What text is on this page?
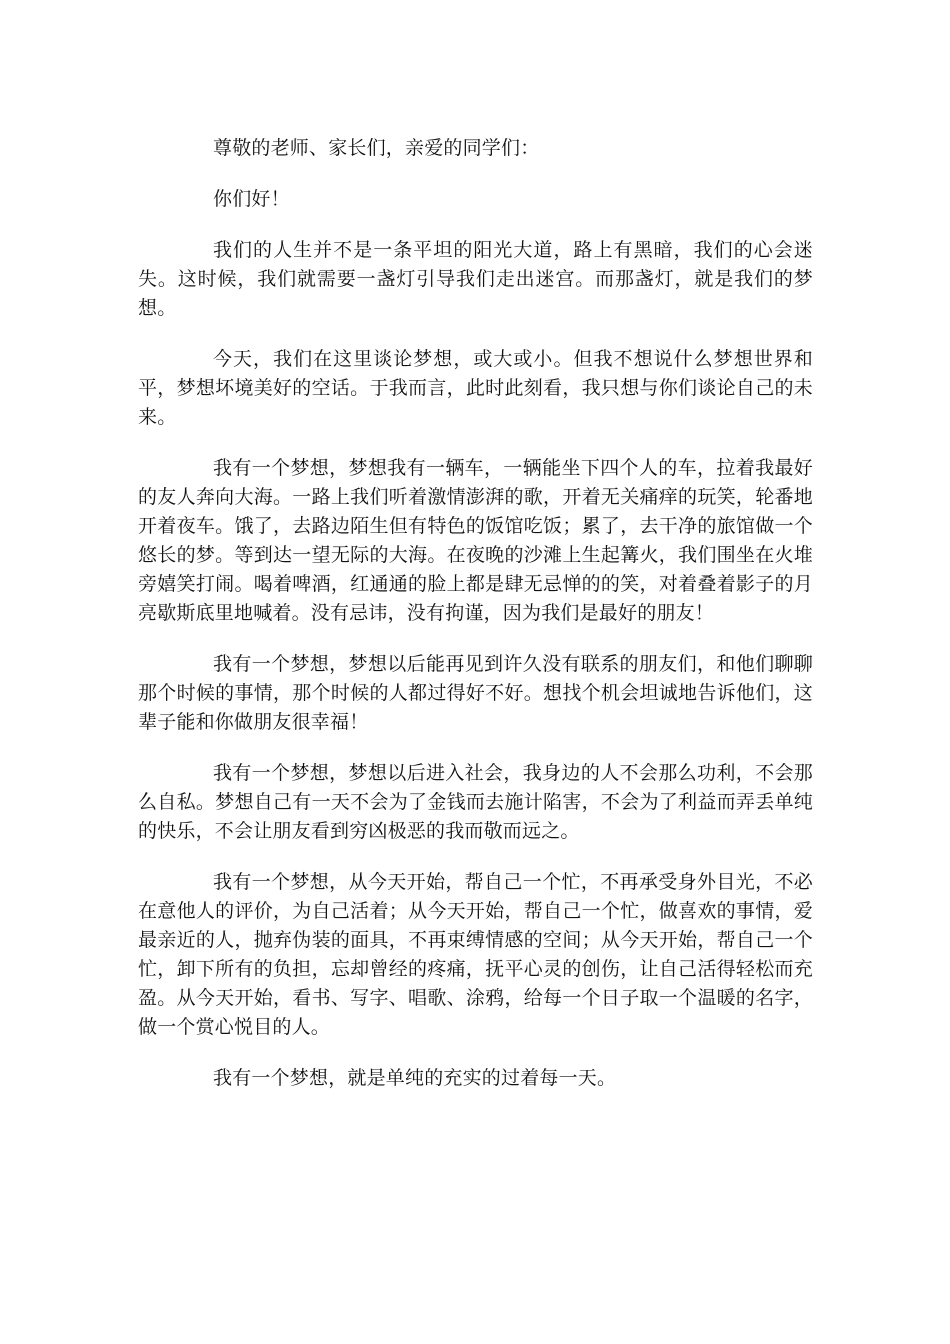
尊敬的老师、家长们，亲爱的同学们：

你们好！

我们的人生并不是一条平坦的阳光大道，路上有黑暗，我们的心会迷失。这时候，我们就需要一盏灯引导我们走出迷宫。而那盏灯，就是我们的梦想。

今天，我们在这里谈论梦想，或大或小。但我不想说什么梦想世界和平，梦想坏境美好的空话。于我而言，此时此刻看，我只想与你们谈论自己的未来。

我有一个梦想，梦想我有一辆车，一辆能坐下四个人的车，拉着我最好的友人奔向大海。一路上我们听着激情澎湃的歌，开着无关痛痒的玩笑，轮番地开着夜车。饿了，去路边陌生但有特色的饭馆吃饭；累了，去干净的旅馆做一个悠长的梦。等到达一望无际的大海。在夜晚的沙滩上生起篝火，我们围坐在火堆旁嬉笑打闹。喝着啤酒，红通通的脸上都是肆无忌惮的的笑，对着叠着影子的月亮歇斯底里地喊着。没有忌讳，没有拘谨，因为我们是最好的朋友！

我有一个梦想，梦想以后能再见到许久没有联系的朋友们，和他们聊聊那个时候的事情，那个时候的人都过得好不好。想找个机会坦诚地告诉他们，这辈子能和你做朋友很幸福！

我有一个梦想，梦想以后进入社会，我身边的人不会那么功利，不会那么自私。梦想自己有一天不会为了金钱而去施计陷害，不会为了利益而弄丢单纯的快乐，不会让朋友看到穷凶极恶的我而敬而远之。

我有一个梦想，从今天开始，帮自己一个忙，不再承受身外目光，不必在意他人的评价，为自己活着；从今天开始，帮自己一个忙，做喜欢的事情，爱最亲近的人，抛弃伪装的面具，不再束缚情感的空间；从今天开始，帮自己一个忙，卸下所有的负担，忘却曾经的疼痛，抚平心灵的创伤，让自己活得轻松而充盈。从今天开始，看书、写字、唱歌、涂鸦，给每一个日子取一个温暖的名字，做一个赏心悦目的人。

我有一个梦想，就是单纯的充实的过着每一天。
